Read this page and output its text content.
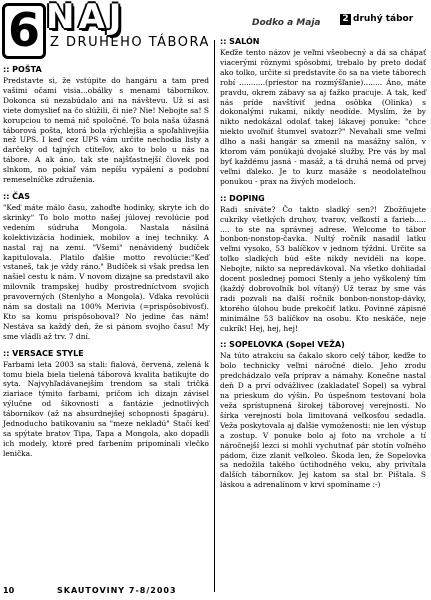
6 NAJ
Z DRUHÉHO TÁBORA
Dodko a Maja 2 druhý tábor
:: POŠTA

Predstavte si, že vstúpite do hangáru a tam pred vašimi očami visia...obálky s menami táborníkov. Dokonca sú nezabúdalo ani na návštevu. Už si asi viete domyslieť na čo slúžili, či nie? Nie! Nebojte sa! S korupciou to nemá nič spoločné. To bola naša úžasná táborová pošta, ktorá bola rýchlejšia a spoľahlivejšia než UPS. I keď cez UPS vám určite nechodia listy a darčeky od tajných ctiteľov, ako to bolo u nás na tábore. A ak áno, tak ste najšťastnejší človek pod slnkom, no pokiaľ vám nepíšu vypálení a podobní remeselníčke združenia.

:: ČAS

"Keď máte málo času, zahoďte hodinky, skryte ich do skrinky" To bolo motto našej júlovej revolúcie pod vedením súdruha Mongola. Nastala násilná kolektivizácia hodiniek, mobilov a inej techniky. A nastal raj na zemi. "Všemi" nenávidený budíček kapitulovala. Platilo ďalšie motto revolúcie:"Keď vstaneš, tak je vždy ráno." Budíček si však predsa len našiel cestu k nám. V novom dizajne sa predstavil ako milovník trampskej hudby prostredníctvom svojich pravoverných (Stenlyho a Mongola). Vďaka revolúcii nám sa dostali na 100% Merivia (=prispôsobivosť). Kto sa komu prispôsoboval? No jedine čas nám! Nestáva sa každý deň, že si pánom svojho času! My sme vládli až trv. 7 dní.

:: VERSACE STYLE

Farbami leta 2003 sa stali: fialová, červená, zelená k tomu biela biela tielená táborová kvalita batikujte do syta. Najvyhľadávanejším trendom sa stali tričká ziariace týmito farbami, pričom ich dizajn závisel výlučne od šikovnosti a fantázie jednotlivých táborníkov (až na absurdnejšej schopnosti špagáru). Jednoducho batikovaniu sa "meze nekladú" Stačí keď sa spýtate bratov Tipa, Tapa a Mongola, ako dopadli ich modely, ktoré pred farbením pripomínali vlečko lenička.

:: SALÓN

Keďže tento názov je veľmi všeobecný a dá sa chápať viacerými rôznymi spôsobmi, trebalo by preto dodať ako tolko, určite si predstavíte čo sa na viete táborech robí ...........(priestor na rozmýšľanie)........ Áno, máte pravdu, okrem zábavy sa aj ťažko pracuje. A tak, keď nás príde navštíviť jedna osôbka (Olinka) s dokonalými rukami, nikdy neodíde. Myslím, že by nikto nedokázal odolať takej lákavej ponuke: "chce niekto uvoľniť štumvel svatozr?" Nevahali sme veľmi dlho a naši hangár sa zmenil na masážny salón, v ktorom vám ponúkajú dvojaké služby. Pre vás by mal byť každému jasná - masáž, a tá druhá nemá od prvej veľmi ďaleko. Je to kurz masáže s neodolateľnou ponukou - prax na živých modeloch.

:: DOPING

Radi sníváte? Čo takto sladký sen?! Zbožňujete cukríky všetkých druhov, tvarov, veľkostí a farieb..... .... to ste na správnej adrese. Welcome to tábor bonbon-nonstop-čavka. Nultý ročník nasadil latku veľmi vysoko, 53 balíčkov v jednom týždni. Určite sa toľko sladkých búd ešte nikdy nevidéli na kope. Nebojte, nikto sa nepredávkoval. Na všetko dohliadal docent poslednej pomoci Stenly a jeho vyškolený tím (každý dobrovoľník bol vítaný) Už teraz by sme vás radi pozvali na ďalší ročník bonbon-nonstop-dávky, ktorého úlohou bude prekočiť latku. Povinné zápisné minimálne 53 balíčkov na osobu. Kto neskáče, neje cukrík! Hej, hej, hej!

:: SOPELOVKA (Sopel VEŽA)

Na túto atrakciu sa čakalo skoro celý tábor, keďže to bolo technicky veľmi náročné dielo. Jeho zrodu predchádzalo veľa príprav a námahy. Konečne nastal deň D a prví odvážlivec (zakladateľ Sopel) sa vybral na prieskum do výšin. Po úspešnom testovaní bola veža sprístupnená širokej táborovej verejnosti. No šírka verejnosti bola limitovaná veľkosťou sedadla. Veža poskytovala aj ďalšie vymoženosti: nie len výstup a zostup. V ponuke bolo aj foto na vrchole a tí náročnejší lezci si mohli vychutnať pár stotín voľného pádom, čize zlanit veľkoleo. Škoda len, že Sopelovka sa nedožila takého úctihodného veku, aby privítala ďalších táborníkov. Jej katom sa stal br. Pištala. S láskou a adrenalínom v krvi spomíname :-)

10	SKAUTOVINY 7-8/2003
